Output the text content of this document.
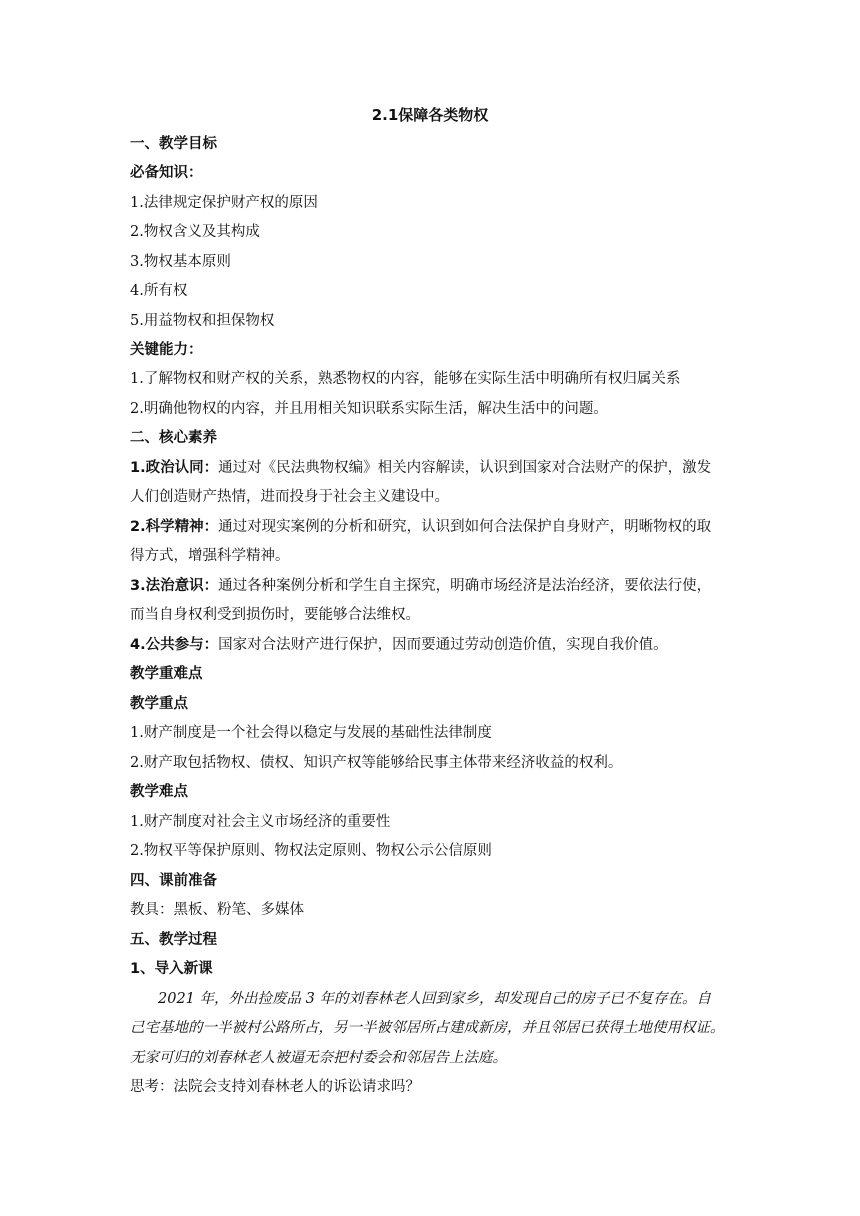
2.1保障各类物权
一、教学目标
必备知识：
1.法律规定保护财产权的原因
2.物权含义及其构成
3.物权基本原则
4.所有权
5.用益物权和担保物权
关键能力：
1.了解物权和财产权的关系，熟悉物权的内容，能够在实际生活中明确所有权归属关系
2.明确他物权的内容，并且用相关知识联系实际生活，解决生活中的问题。
二、核心素养
1.政治认同：通过对《民法典物权编》相关内容解读，认识到国家对合法财产的保护，激发
人们创造财产热情，进而投身于社会主义建设中。
2.科学精神：通过对现实案例的分析和研究，认识到如何合法保护自身财产，明晰物权的取
得方式，增强科学精神。
3.法治意识：通过各种案例分析和学生自主探究，明确市场经济是法治经济，要依法行使，
而当自身权利受到损伤时，要能够合法维权。
4.公共参与：国家对合法财产进行保护，因而要通过劳动创造价值，实现自我价值。
教学重难点
教学重点
1.财产制度是一个社会得以稳定与发展的基础性法律制度
2.财产取包括物权、债权、知识产权等能够给民事主体带来经济收益的权利。
教学难点
1.财产制度对社会主义市场经济的重要性
2.物权平等保护原则、物权法定原则、物权公示公信原则
四、课前准备
教具：黑板、粉笔、多媒体
五、教学过程
1、导入新课
2021 年，外出捡废品 3 年的刘春林老人回到家乡，却发现自己的房子已不复存在。自
己宅基地的一半被村公路所占，另一半被邻居所占建成新房，并且邻居已获得土地使用权证。
无家可归的刘春林老人被逼无奈把村委会和邻居告上法庭。
思考：法院会支持刘春林老人的诉讼请求吗？
